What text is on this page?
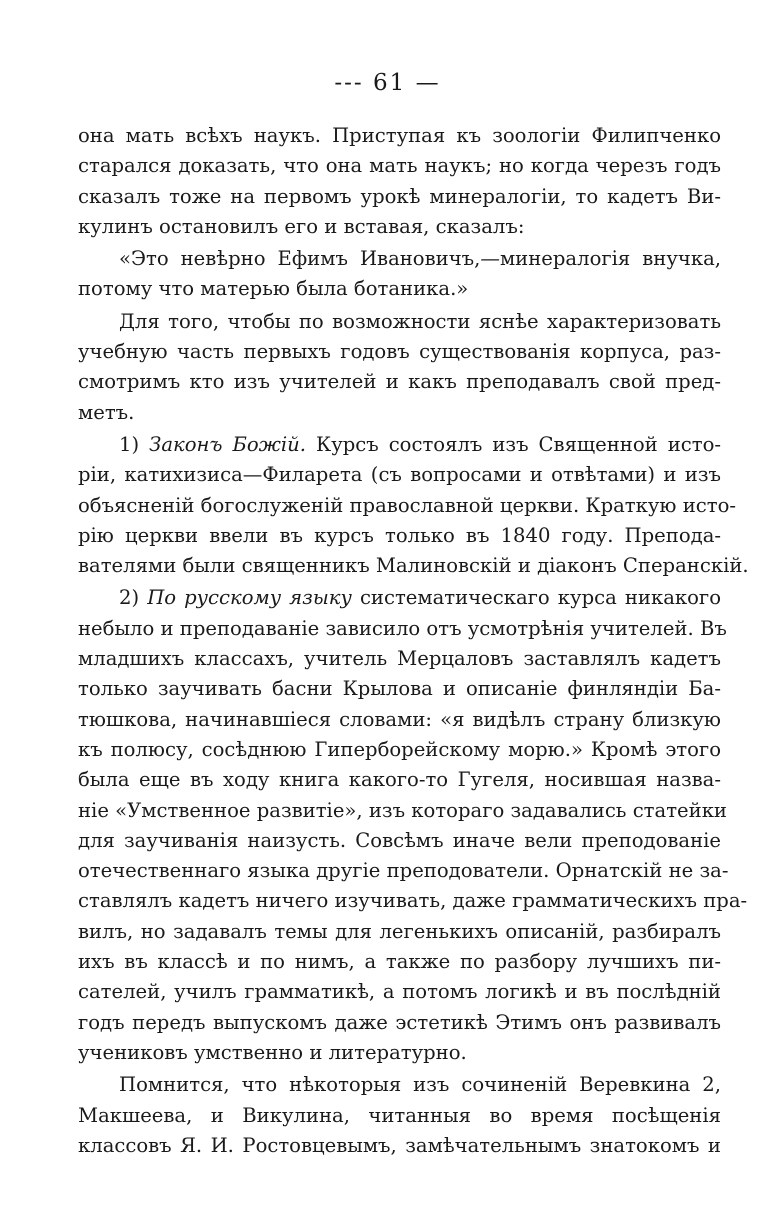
--- 61 —
она мать всѣхъ наукъ. Приступая къ зоологіи Филипченко
старался доказать, что она мать наукъ; но когда черезъ годъ
сказалъ тоже на первомъ урокѣ минералогіи, то кадетъ Ви-
кулинъ остановилъ его и вставая, сказалъ:
«Это невѣрно Ефимъ Ивановичъ,—минералогія внучка,
потому что матерью была ботаника.»
Для того, чтобы по возможности яснѣе характеризовать
учебную часть первыхъ годовъ существованія корпуса, раз-
смотримъ кто изъ учителей и какъ преподавалъ свой пред-
метъ.
1) Законъ Божій. Курсъ состоялъ изъ Священной исто-
ріи, катихизиса—Филарета (съ вопросами и отвѣтами) и изъ
объясненій богослуженій православной церкви. Краткую исто-
рію церкви ввели въ курсъ только въ 1840 году. Препода-
вателями были священникъ Малиновскій и діаконъ Сперанскій.
2) По русскому языку систематическаго курса никакого
небыло и преподаваніе зависило отъ усмотрѣнія учителей. Въ
младшихъ классахъ, учитель Мерцаловъ заставлялъ кадетъ
только заучивать басни Крылова и описаніе финляндіи Ба-
тюшкова, начинавшіеся словами: «я видѣлъ страну близкую
къ полюсу, сосѣднюю Гиперборейскому морю.» Кромѣ этого
была еще въ ходу книга какого-то Гугеля, носившая назва-
ніе «Умственное развитіе», изъ котораго задавались статейки
для заучиванія наизусть. Совсѣмъ иначе вели преподованіе
отечественнаго языка другіе преподователи. Орнатскій не за-
ставлялъ кадетъ ничего изучивать, даже грамматическихъ пра-
вилъ, но задавалъ темы для легенькихъ описаній, разбиралъ
ихъ въ классѣ и по нимъ, а также по разбору лучшихъ пи-
сателей, училъ грамматикѣ, а потомъ логикѣ и въ послѣдній
годъ передъ выпускомъ даже эстетикѣ Этимъ онъ развивалъ
учениковъ умственно и литературно.
Помнится, что нѣкоторыя изъ сочиненій Веревкина 2,
Макшеева, и Викулина, читанныя во время посѣщенія
классовъ Я. И. Ростовцевымъ, замѣчательнымъ знатокомъ и
